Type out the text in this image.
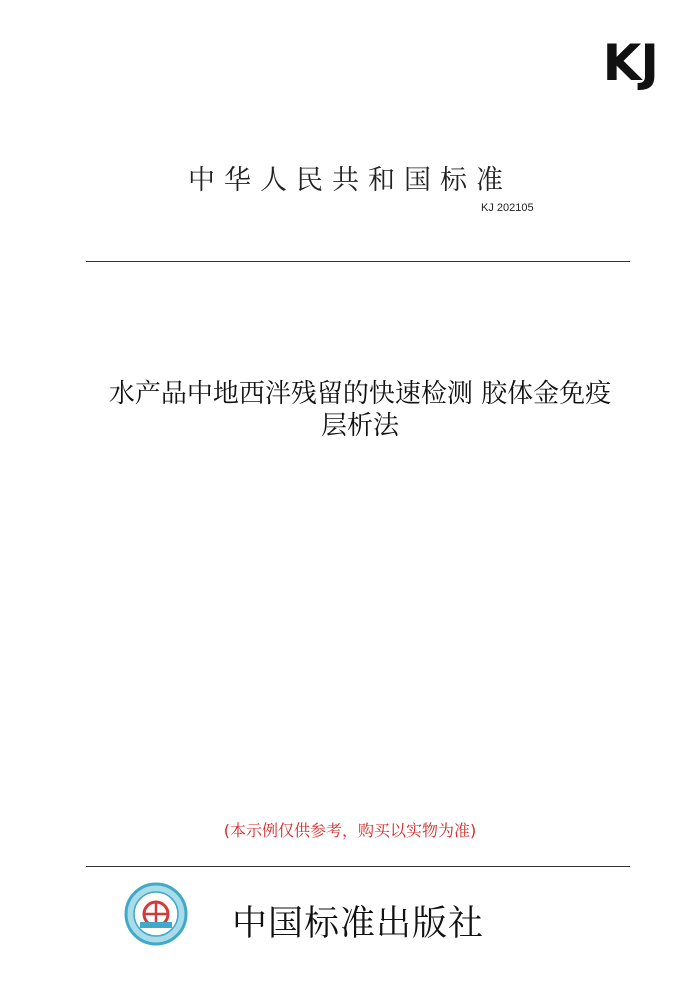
KJ
中华人民共和国标准
KJ 202105
水产品中地西泮残留的快速检测 胶体金免疫
层析法
(本示例仅供参考，购买以实物为准)
中国标准出版社
